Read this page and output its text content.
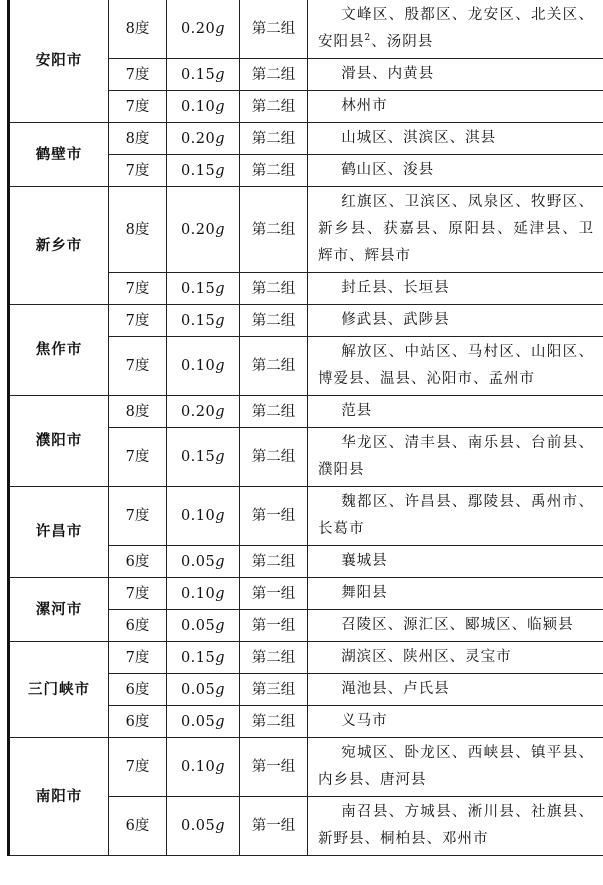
安阳市	8度	0.20g	第二组	文峰区、殷都区、龙安区、北关区、安阳县$^2$、汤阴县
	7度	0.15g	第二组	滑县、内黄县
	7度	0.10g	第二组	林州市
鹤壁市	8度	0.20g	第二组	山城区、淇滨区、淇县
	7度	0.15g	第二组	鹤山区、浚县
新乡市	8度	0.20g	第二组	红旗区、卫滨区、凤泉区、牧野区、新乡县、获嘉县、原阳县、延津县、卫辉市、辉县市
	7度	0.15g	第二组	封丘县、长垣县
焦作市	7度	0.15g	第二组	修武县、武陟县
	7度	0.10g	第二组	解放区、中站区、马村区、山阳区、博爱县、温县、沁阳市、孟州市
濮阳市	8度	0.20g	第二组	范县
	7度	0.15g	第二组	华龙区、清丰县、南乐县、台前县、濮阳县
许昌市	7度	0.10g	第一组	魏都区、许昌县、鄢陵县、禹州市、长葛市
	6度	0.05g	第二组	襄城县
漯河市	7度	0.10g	第一组	舞阳县
	6度	0.05g	第一组	召陵区、源汇区、郾城区、临颍县
三门峡市	7度	0.15g	第二组	湖滨区、陕州区、灵宝市
	6度	0.05g	第三组	渑池县、卢氏县
	6度	0.05g	第二组	义马市
南阳市	7度	0.10g	第一组	宛城区、卧龙区、西峡县、镇平县、内乡县、唐河县
	6度	0.05g	第一组	南召县、方城县、淅川县、社旗县、新野县、桐柏县、邓州市
